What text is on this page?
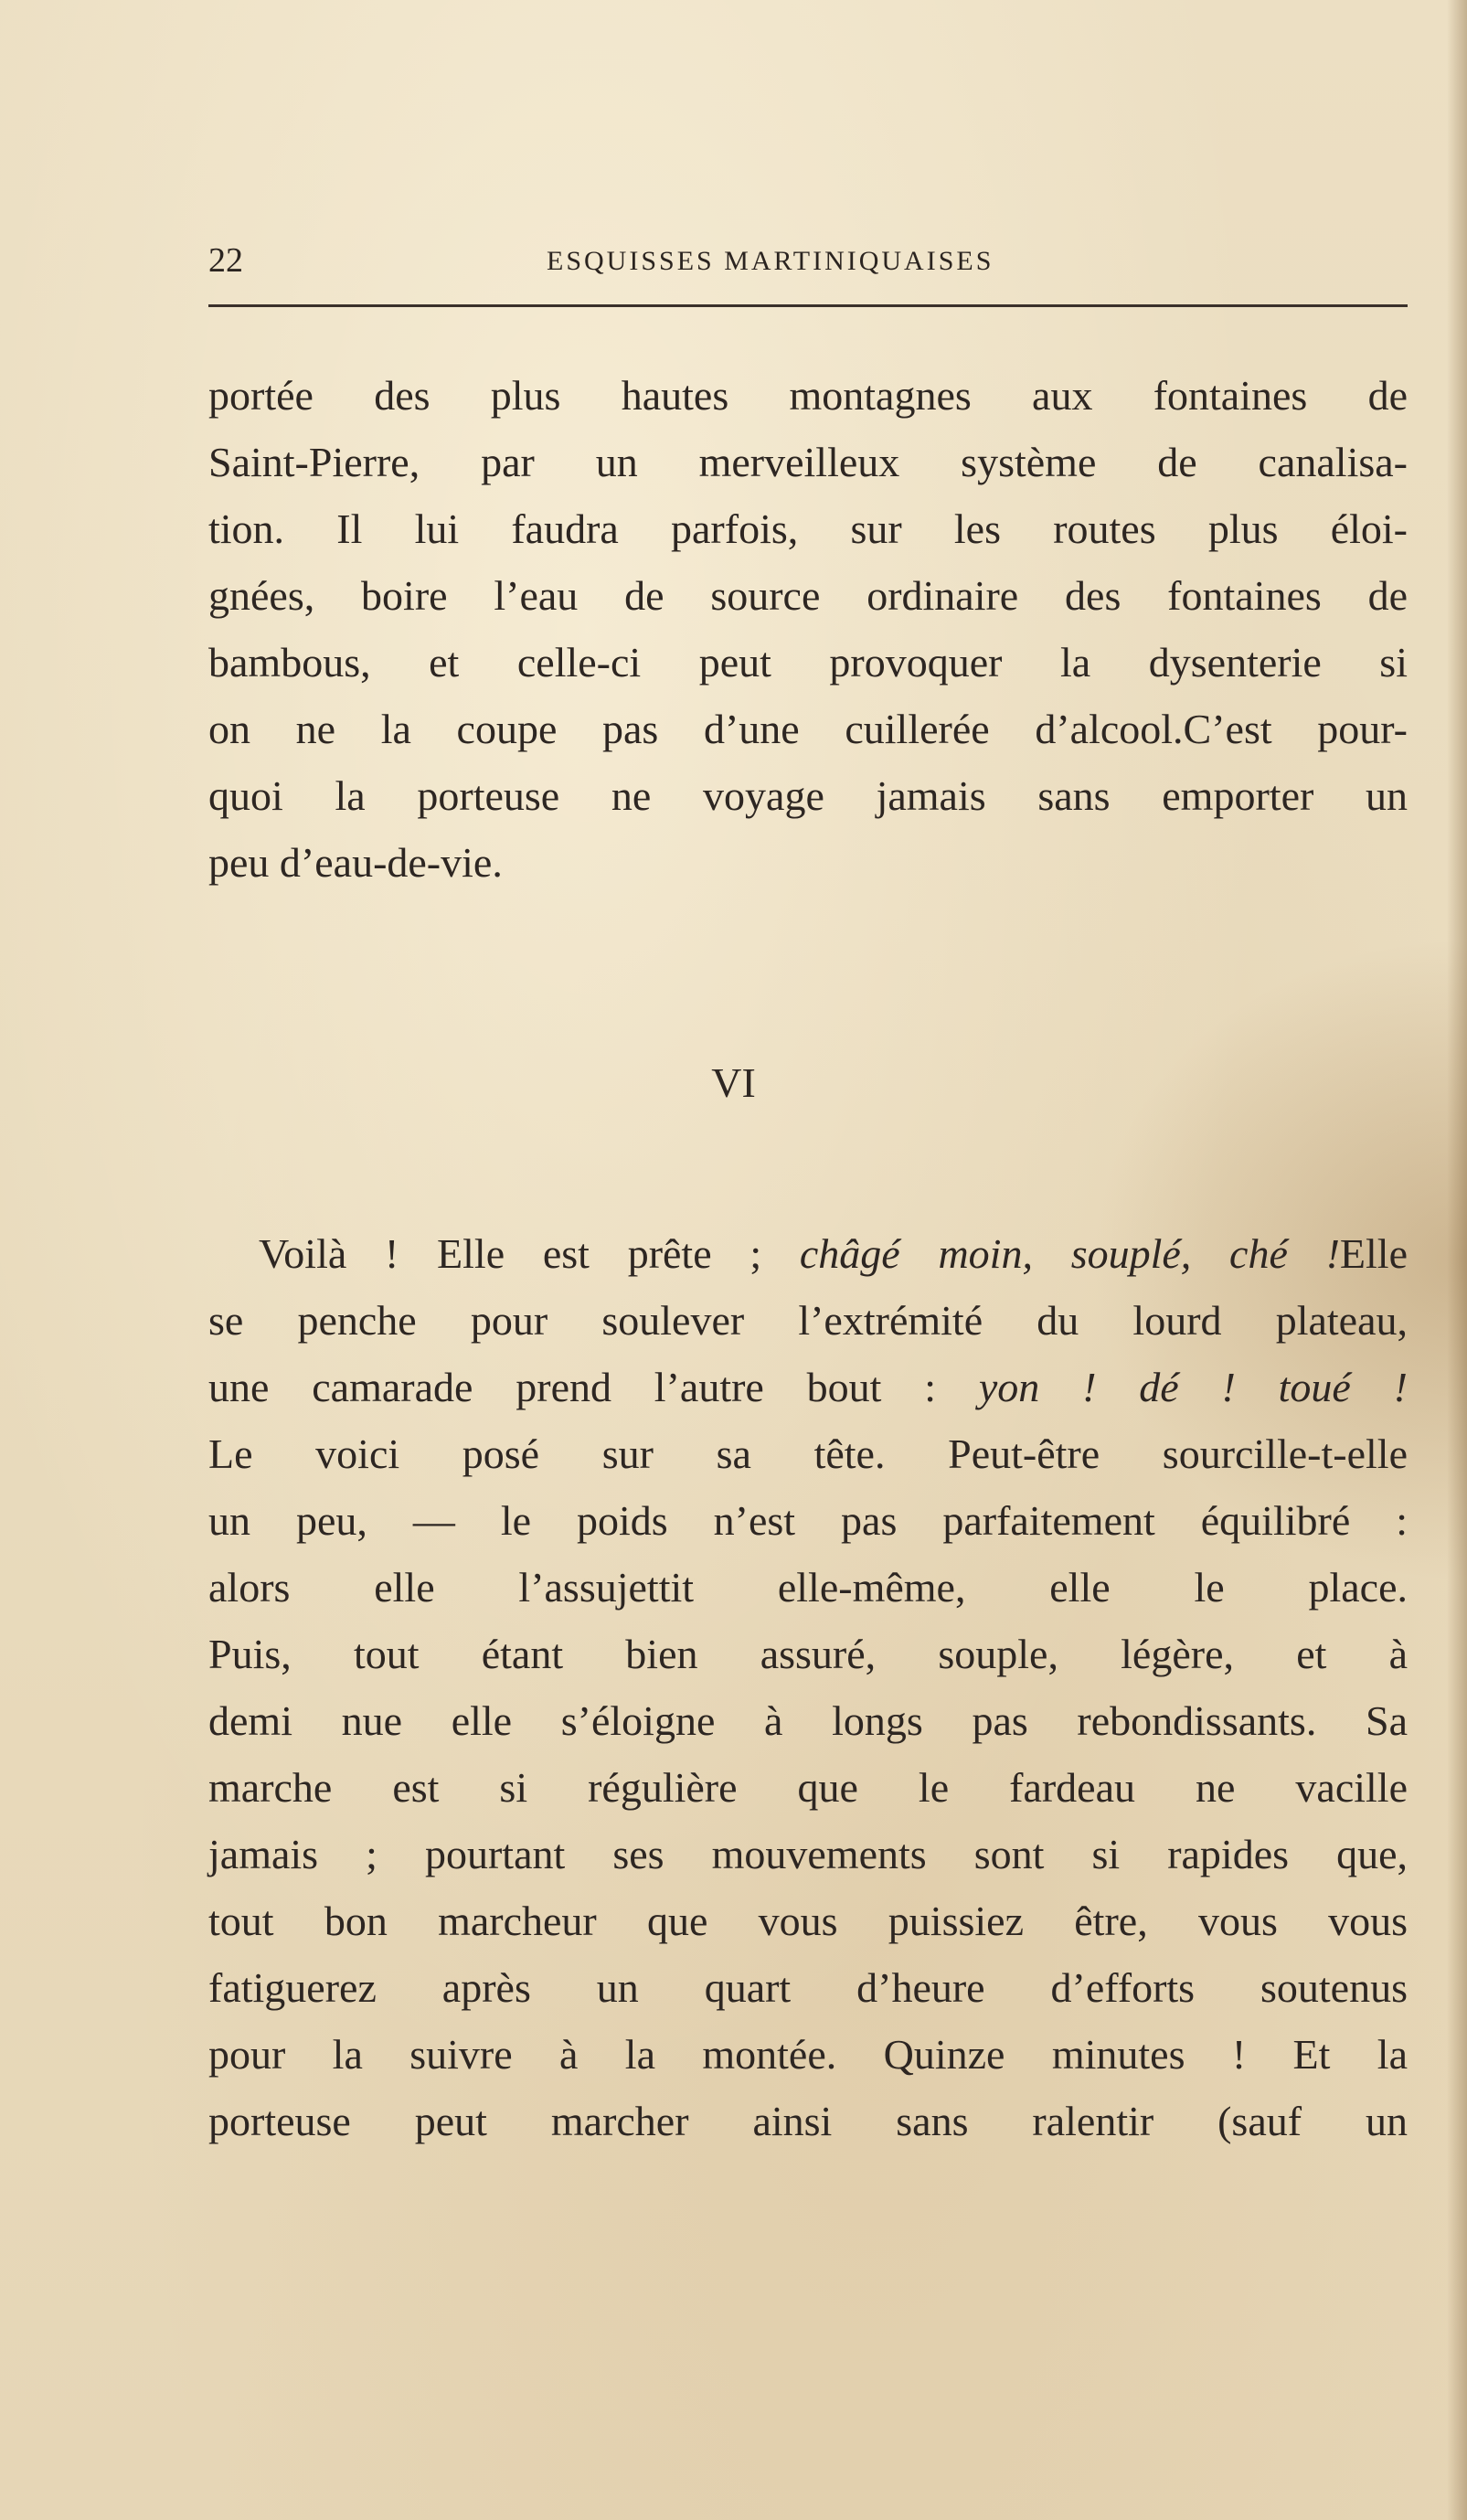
22	ESQUISSES MARTINIQUAISES
portée des plus hautes montagnes aux fontaines de
Saint-Pierre, par un merveilleux système de canalisa-
tion. Il lui faudra parfois, sur les routes plus éloi-
gnées, boire l’eau de source ordinaire des fontaines de
bambous, et celle-ci peut provoquer la dysenterie si
on ne la coupe pas d’une cuillerée d’alcool.C’est pour-
quoi la porteuse ne voyage jamais sans emporter un
peu d’eau-de-vie.
VI
Voilà ! Elle est prête ; châgé moin, souplé, ché !Elle
se penche pour soulever l’extrémité du lourd plateau,
une camarade prend l’autre bout : yon ! dé ! toué !
Le voici posé sur sa tête. Peut-être sourcille-t-elle
un peu, — le poids n’est pas parfaitement équilibré :
alors elle l’assujettit elle-même, elle le place.
Puis, tout étant bien assuré, souple, légère, et à
demi nue elle s’éloigne à longs pas rebondissants. Sa
marche est si régulière que le fardeau ne vacille
jamais ; pourtant ses mouvements sont si rapides que,
tout bon marcheur que vous puissiez être, vous vous
fatiguerez après un quart d’heure d’efforts soutenus
pour la suivre à la montée. Quinze minutes ! Et la
porteuse peut marcher ainsi sans ralentir (sauf un
